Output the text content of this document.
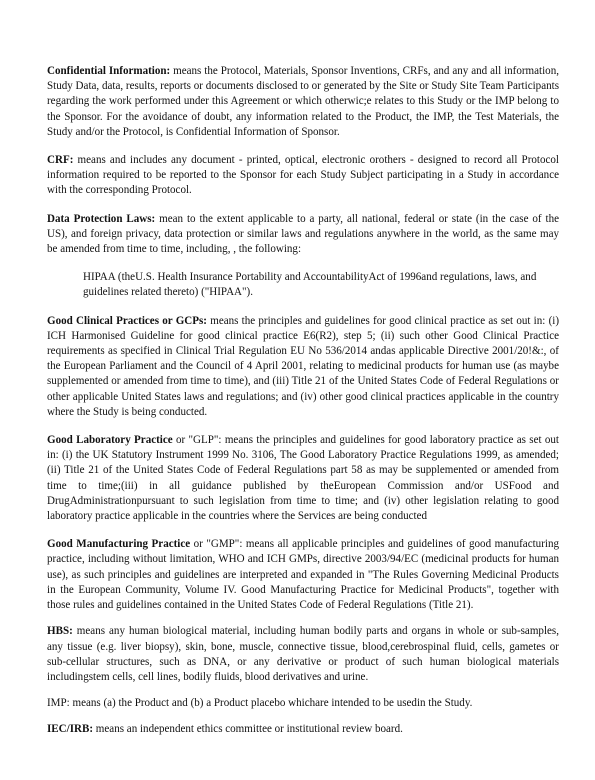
Confidential Information: means the Protocol, Materials, Sponsor Inventions, CRFs, and any and all information, Study Data, data, results, reports or documents disclosed to or generated by the Site or Study Site Team Participants regarding the work performed under this Agreement or which otherwic;e relates to this Study or the IMP belong to the Sponsor. For the avoidance of doubt, any information related to the Product, the IMP, the Test Materials, the Study and/or the Protocol, is Confidential Information of Sponsor.

CRF: means and includes any document - printed, optical, electronic orothers - designed to record all Protocol information required to be reported to the Sponsor for each Study Subject participating in a Study in accordance with the corresponding Protocol.

Data Protection Laws: mean to the extent applicable to a party, all national, federal or state (in the case of the US), and foreign privacy, data protection or similar laws and regulations anywhere in the world, as the same may be amended from time to time, including, , the following:

HIPAA (theU.S. Health Insurance Portability and AccountabilityAct of 1996and regulations, laws, and guidelines related thereto) ("HIPAA").

Good Clinical Practices or GCPs: means the principles and guidelines for good clinical practice as set out in: (i) ICH Harmonised Guideline for good clinical practice E6(R2), step 5; (ii) such other Good Clinical Practice requirements as specified in Clinical Trial Regulation EU No 536/2014 andas applicable Directive 2001/20!&:, of the European Parliament and the Council of 4 April 2001, relating to medicinal products for human use (as maybe supplemented or amended from time to time), and (iii) Title 21 of the United States Code of Federal Regulations or other applicable United States laws and regulations; and (iv) other good clinical practices applicable in the country where the Study is being conducted.

Good Laboratory Practice or "GLP": means the principles and guidelines for good laboratory practice as set out in: (i) the UK Statutory Instrument 1999 No. 3106, The Good Laboratory Practice Regulations 1999, as amended; (ii) Title 21 of the United States Code of Federal Regulations part 58 as may be supplemented or amended from time to time;(iii) in all guidance published by theEuropean Commission and/or USFood and DrugAdministrationpursuant to such legislation from time to time; and (iv) other legislation relating to good laboratory practice applicable in the countries where the Services are being conducted

Good Manufacturing Practice or "GMP": means all applicable principles and guidelines of good manufacturing practice, including without limitation, WHO and ICH GMPs, directive 2003/94/EC (medicinal products for human use), as such principles and guidelines are interpreted and expanded in "The Rules Governing Medicinal Products in the European Community, Volume IV. Good Manufacturing Practice for Medicinal Products", together with those rules and guidelines contained in the United States Code of Federal Regulations (Title 21).

HBS: means any human biological material, including human bodily parts and organs in whole or sub-samples, any tissue (e.g. liver biopsy), skin, bone, muscle, connective tissue, blood,cerebrospinal fluid, cells, gametes or sub-cellular structures, such as DNA, or any derivative or product of such human biological materials includingstem cells, cell lines, bodily fluids, blood derivatives and urine.

IMP: means (a) the Product and (b) a Product placebo whichare intended to be usedin the Study.

IEC/IRB: means an independent ethics committee or institutional review board.
